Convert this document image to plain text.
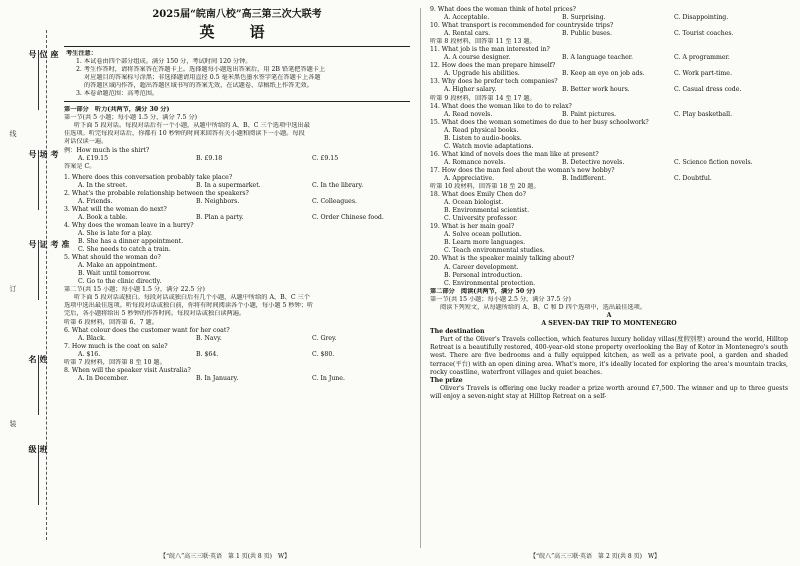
班级
姓名
准考证号
考场号
座位号
线
订
装
2025届“皖南八校”高三第三次大联考
英　语
考生注意：
1. 本试卷由四个部分组成。满分 150 分，考试时间 120 分钟。
2. 考生作答时，请将答案答在答题卡上。选择题每小题选出答案后，用 2B 铅笔把答题卡上
对应题目的答案标号涂黑；非选择题请用直径 0.5 毫米黑色墨水签字笔在答题卡上各题
的答题区域内作答，超出答题区域书写的答案无效，在试题卷、草稿纸上作答无效。
3. 本卷命题范围：高考范围。
第一部分　听力(共两节，满分 30 分)
第一节(共 5 小题；每小题 1.5 分，满分 7.5 分)
听下面 5 段对话。每段对话后有一个小题，从题中所给的 A、B、C 三个选项中选出最
佳选项。听完每段对话后，你都有 10 秒钟的时间来回答有关小题和阅读下一小题。每段
对话仅读一遍。
例：How much is the shirt?
A. £19.15	B. £9.18	C. £9.15
答案是 C。
1. Where does this conversation probably take place?
A. In the street.	B. In a supermarket.	C. In the library.
2. What's the probable relationship between the speakers?
A. Friends.	B. Neighbors.	C. Colleagues.
3. What will the woman do next?
A. Book a table.	B. Plan a party.	C. Order Chinese food.
4. Why does the woman leave in a hurry?
A. She is late for a play.
B. She has a dinner appointment.
C. She needs to catch a train.
5. What should the woman do?
A. Make an appointment.
B. Wait until tomorrow.
C. Go to the clinic directly.
第二节(共 15 小题；每小题 1.5 分，满分 22.5 分)
听下面 5 段对话或独白。每段对话或独白后有几个小题，从题中所给的 A、B、C 三个
选项中选出最佳选项。听每段对话或独白前，你将有时间阅读各个小题，每小题 5 秒钟；听
完后，各小题将给出 5 秒钟的作答时间。每段对话或独白读两遍。
听第 6 段材料，回答第 6、7 题。
6. What colour does the customer want for her coat?
A. Black.	B. Navy.	C. Grey.
7. How much is the coat on sale?
A. $16.	B. $64.	C. $80.
听第 7 段材料，回答第 8 至 10 题。
8. When will the speaker visit Australia?
A. In December.	B. In January.	C. In June.
9. What does the woman think of hotel prices?
A. Acceptable.	B. Surprising.	C. Disappointing.
10. What transport is recommended for countryside trips?
A. Rental cars.	B. Public buses.	C. Tourist coaches.
听第 8 段材料，回答第 11 至 13 题。
11. What job is the man interested in?
A. A course designer.	B. A language teacher.	C. A programmer.
12. How does the man prepare himself?
A. Upgrade his abilities.	B. Keep an eye on job ads.	C. Work part-time.
13. Why does he prefer tech companies?
A. Higher salary.	B. Better work hours.	C. Casual dress code.
听第 9 段材料，回答第 14 至 17 题。
14. What does the woman like to do to relax?
A. Read novels.	B. Paint pictures.	C. Play basketball.
15. What does the woman sometimes do due to her busy schoolwork?
A. Read physical books.
B. Listen to audio-books.
C. Watch movie adaptations.
16. What kind of novels does the man like at present?
A. Romance novels.	B. Detective novels.	C. Science fiction novels.
17. How does the man feel about the woman's new hobby?
A. Appreciative.	B. Indifferent.	C. Doubtful.
听第 10 段材料，回答第 18 至 20 题。
18. What does Emily Chen do?
A. Ocean biologist.
B. Environmental scientist.
C. University professor.
19. What is her main goal?
A. Solve ocean pollution.
B. Learn more languages.
C. Teach environmental studies.
20. What is the speaker mainly talking about?
A. Career development.
B. Personal introduction.
C. Environmental protection.
第二部分　阅读(共两节，满分 50 分)
第一节(共 15 小题；每小题 2.5 分，满分 37.5 分)
阅读下列短文，从每题所给的 A、B、C 和 D 四个选项中，选出最佳选项。
A
A SEVEN-DAY TRIP TO MONTENEGRO
The destination
Part of the Oliver's Travels collection, which features luxury holiday villas(度假别墅) around the world, Hilltop Retreat is a beautifully restored, 400-year-old stone property overlooking the Bay of Kotor in Montenegro's south west. There are five bedrooms and a fully equipped kitchen, as well as a private pool, a garden and shaded terrace(平台) with an open dining area. What's more, it's ideally located for exploring the area's mountain tracks, rocky coastline, waterfront villages and quiet beaches.
The prize
Oliver's Travels is offering one lucky reader a prize worth around £7,500. The winner and up to three guests will enjoy a seven-night stay at Hilltop Retreat on a self-
【“皖八”高三三联·英语　第 1 页(共 8 页)　W】	【“皖八”高三三联·英语　第 2 页(共 8 页)　W】
